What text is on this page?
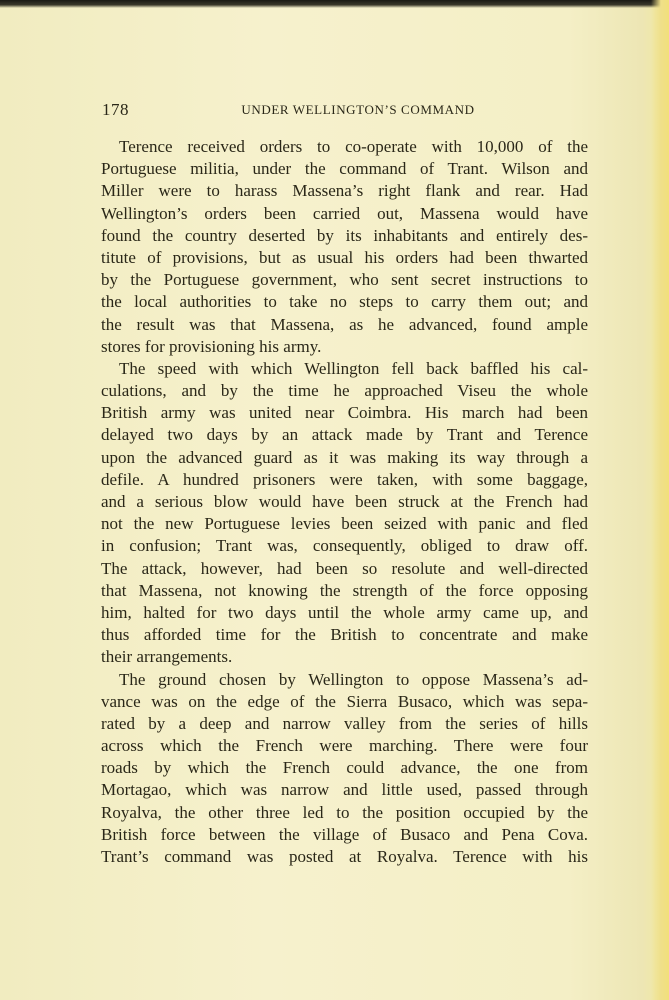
178	UNDER WELLINGTON’S COMMAND
Terence received orders to co-operate with 10,000 of the
Portuguese militia, under the command of Trant. Wilson and
Miller were to harass Massena’s right flank and rear. Had
Wellington’s orders been carried out, Massena would have
found the country deserted by its inhabitants and entirely des-
titute of provisions, but as usual his orders had been thwarted
by the Portuguese government, who sent secret instructions to
the local authorities to take no steps to carry them out; and
the result was that Massena, as he advanced, found ample
stores for provisioning his army.
The speed with which Wellington fell back baffled his cal-
culations, and by the time he approached Viseu the whole
British army was united near Coimbra. His march had been
delayed two days by an attack made by Trant and Terence
upon the advanced guard as it was making its way through a
defile. A hundred prisoners were taken, with some baggage,
and a serious blow would have been struck at the French had
not the new Portuguese levies been seized with panic and fled
in confusion; Trant was, consequently, obliged to draw off.
The attack, however, had been so resolute and well-directed
that Massena, not knowing the strength of the force opposing
him, halted for two days until the whole army came up, and
thus afforded time for the British to concentrate and make
their arrangements.
The ground chosen by Wellington to oppose Massena’s ad-
vance was on the edge of the Sierra Busaco, which was sepa-
rated by a deep and narrow valley from the series of hills
across which the French were marching. There were four
roads by which the French could advance, the one from
Mortagao, which was narrow and little used, passed through
Royalva, the other three led to the position occupied by the
British force between the village of Busaco and Pena Cova.
Trant’s command was posted at Royalva. Terence with his
